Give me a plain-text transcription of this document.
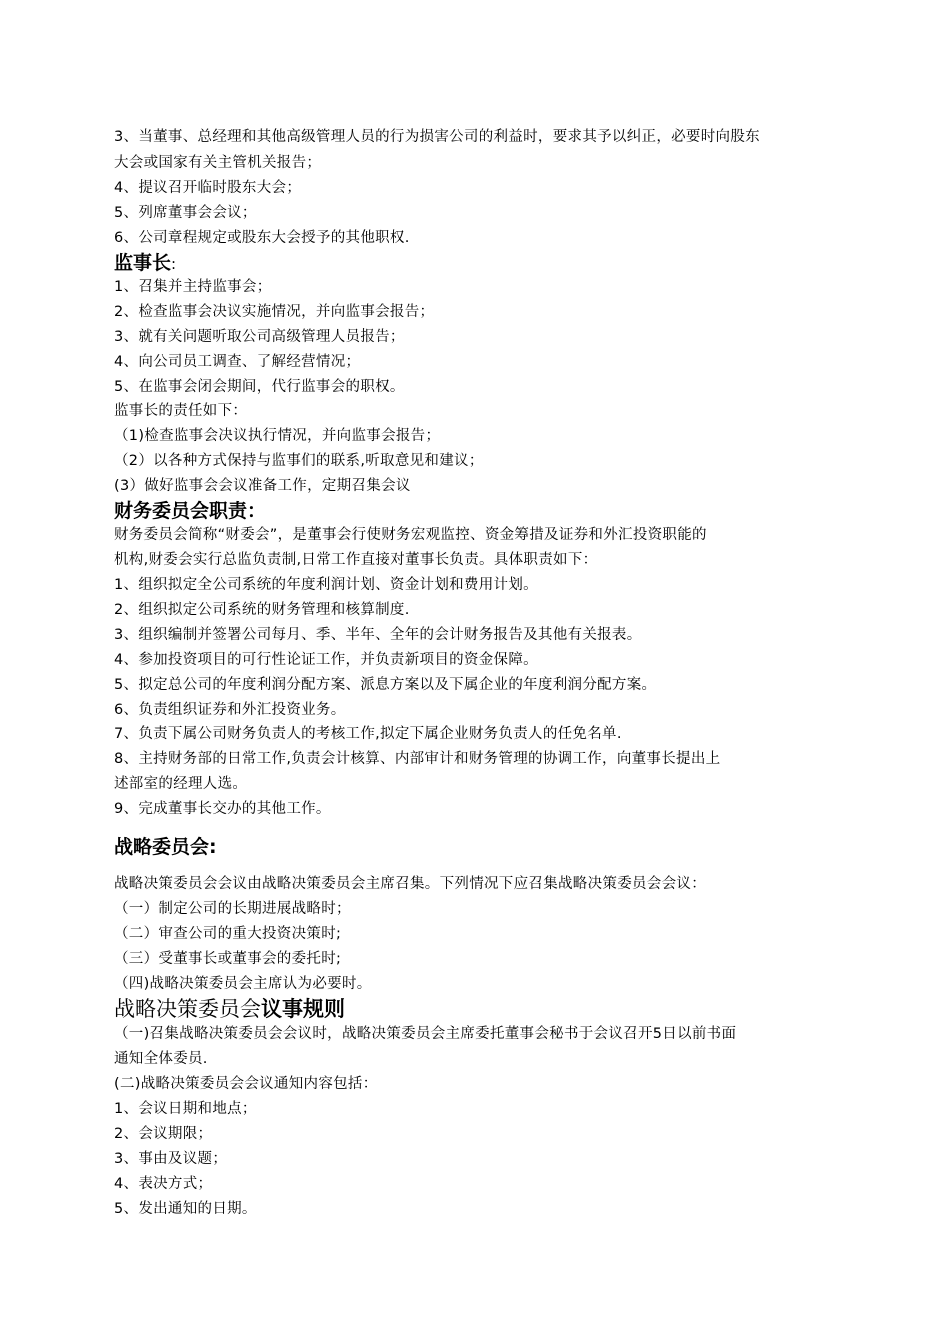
3、当董事、总经理和其他高级管理人员的行为损害公司的利益时，要求其予以纠正，必要时向股东
大会或国家有关主管机关报告；
4、提议召开临时股东大会；
5、列席董事会会议；
6、公司章程规定或股东大会授予的其他职权.
监事长:
1、召集并主持监事会；
2、检查监事会决议实施情况，并向监事会报告；
3、就有关问题听取公司高级管理人员报告；
4、向公司员工调查、了解经营情况；
5、在监事会闭会期间，代行监事会的职权。
监事长的责任如下：
（1)检查监事会决议执行情况，并向监事会报告；
（2）以各种方式保持与监事们的联系,听取意见和建议；
(3）做好监事会会议准备工作，定期召集会议
财务委员会职责：
财务委员会简称“财委会”，是董事会行使财务宏观监控、资金筹措及证券和外汇投资职能的
机构,财委会实行总监负责制,日常工作直接对董事长负责。具体职责如下：
1、组织拟定全公司系统的年度利润计划、资金计划和费用计划。
2、组织拟定公司系统的财务管理和核算制度.
3、组织编制并签署公司每月、季、半年、全年的会计财务报告及其他有关报表。
4、参加投资项目的可行性论证工作，并负责新项目的资金保障。
5、拟定总公司的年度利润分配方案、派息方案以及下属企业的年度利润分配方案。
6、负责组织证券和外汇投资业务。
7、负责下属公司财务负责人的考核工作,拟定下属企业财务负责人的任免名单.
8、主持财务部的日常工作,负责会计核算、内部审计和财务管理的协调工作，向董事长提出上
述部室的经理人选。
9、完成董事长交办的其他工作。
战略委员会:
战略决策委员会会议由战略决策委员会主席召集。下列情况下应召集战略决策委员会会议：
（一）制定公司的长期进展战略时；
（二）审查公司的重大投资决策时;
（三）受董事长或董事会的委托时;
（四)战略决策委员会主席认为必要时。
战略决策委员会议事规则
（一)召集战略决策委员会会议时，战略决策委员会主席委托董事会秘书于会议召开5日以前书面
通知全体委员.
(二)战略决策委员会会议通知内容包括：
1、会议日期和地点；
2、会议期限；
3、事由及议题；
4、表决方式；
5、发出通知的日期。
